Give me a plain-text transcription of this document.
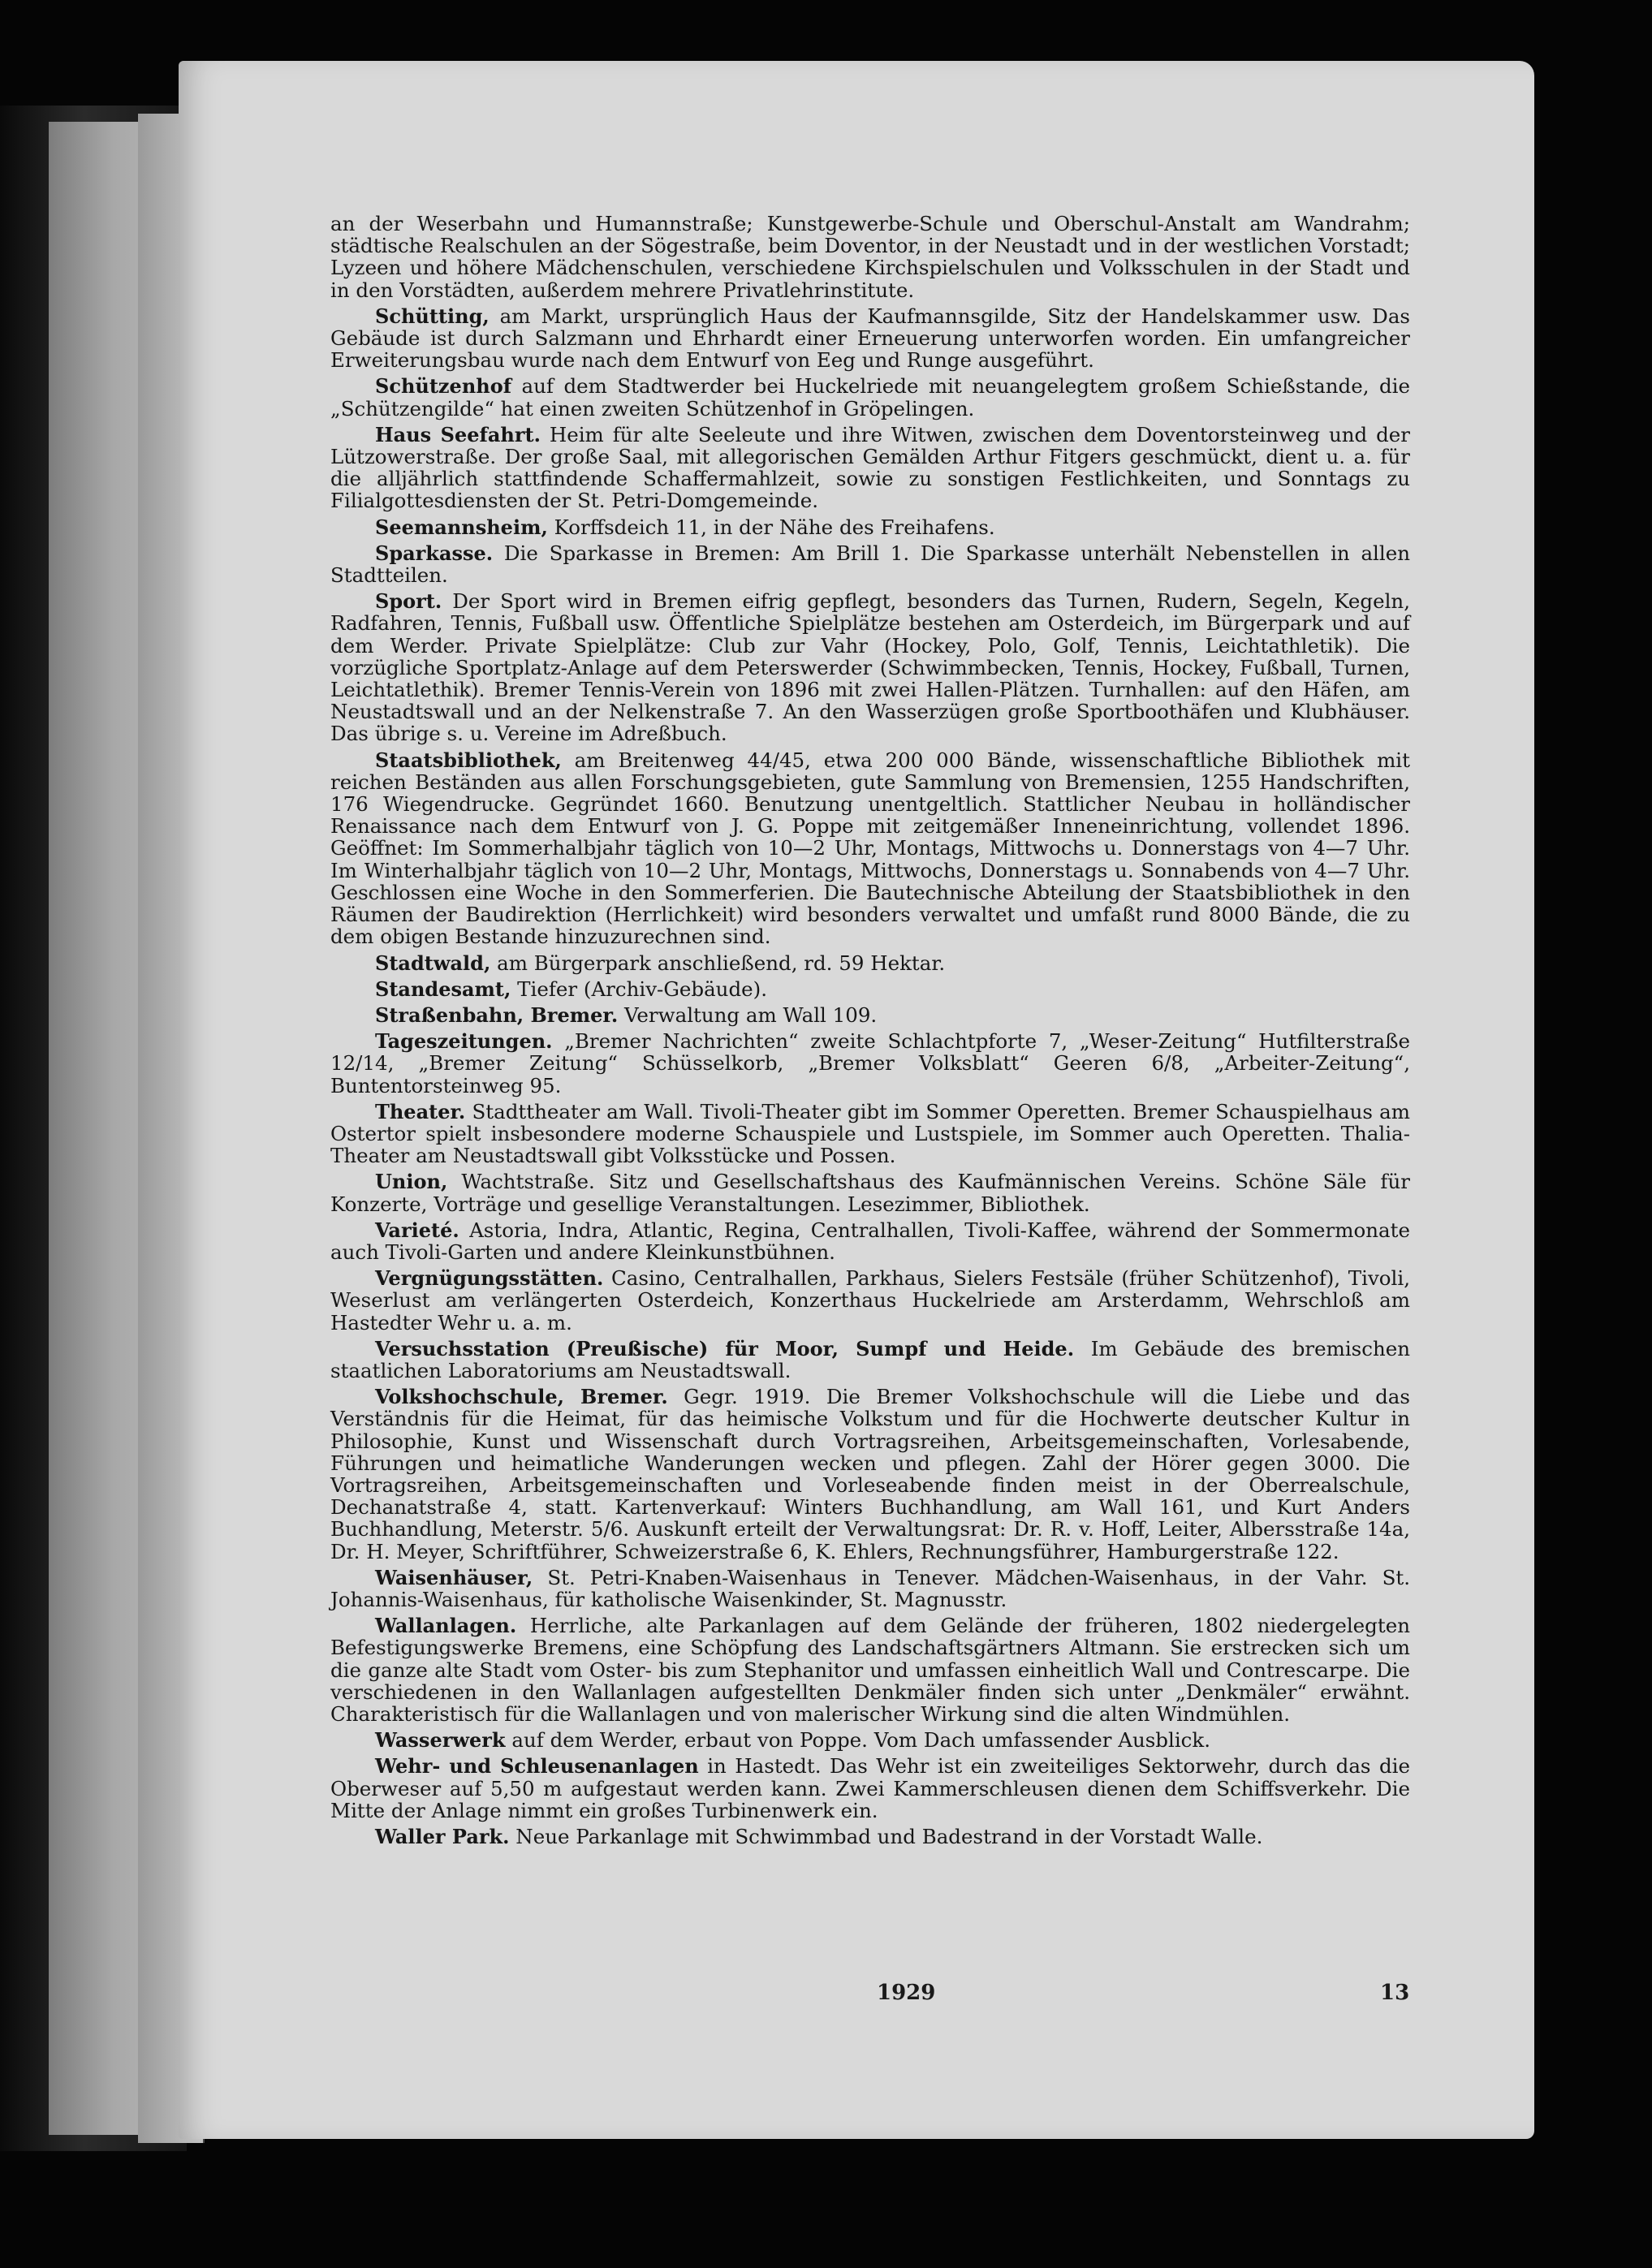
an der Weserbahn und Humannstraße; Kunstgewerbe-Schule und Oberschul-Anstalt am Wandrahm; städtische Realschulen an der Sögestraße, beim Doventor, in der Neustadt und in der westlichen Vorstadt; Lyzeen und höhere Mädchenschulen, verschiedene Kirchspielschulen und Volksschulen in der Stadt und in den Vorstädten, außerdem mehrere Privatlehrinstitute.

Schütting, am Markt, ursprünglich Haus der Kaufmannsgilde, Sitz der Handelskammer usw. Das Gebäude ist durch Salzmann und Ehrhardt einer Erneuerung unterworfen worden. Ein umfangreicher Erweiterungsbau wurde nach dem Entwurf von Eeg und Runge ausgeführt.

Schützenhof auf dem Stadtwerder bei Huckelriede mit neuangelegtem großem Schießstande, die „Schützengilde“ hat einen zweiten Schützenhof in Gröpelingen.

Haus Seefahrt. Heim für alte Seeleute und ihre Witwen, zwischen dem Doventorsteinweg und der Lützowerstraße. Der große Saal, mit allegorischen Gemälden Arthur Fitgers geschmückt, dient u. a. für die alljährlich stattfindende Schaffermahlzeit, sowie zu sonstigen Festlichkeiten, und Sonntags zu Filialgottesdiensten der St. Petri-Domgemeinde.

Seemannsheim, Korffsdeich 11, in der Nähe des Freihafens.

Sparkasse. Die Sparkasse in Bremen: Am Brill 1. Die Sparkasse unterhält Nebenstellen in allen Stadtteilen.

Sport. Der Sport wird in Bremen eifrig gepflegt, besonders das Turnen, Rudern, Segeln, Kegeln, Radfahren, Tennis, Fußball usw. Öffentliche Spielplätze bestehen am Osterdeich, im Bürgerpark und auf dem Werder. Private Spielplätze: Club zur Vahr (Hockey, Polo, Golf, Tennis, Leichtathletik). Die vorzügliche Sportplatz-Anlage auf dem Peterswerder (Schwimmbecken, Tennis, Hockey, Fußball, Turnen, Leichtatlethik). Bremer Tennis-Verein von 1896 mit zwei Hallen-Plätzen. Turnhallen: auf den Häfen, am Neustadtswall und an der Nelkenstraße 7. An den Wasserzügen große Sportboothäfen und Klubhäuser. Das übrige s. u. Vereine im Adreßbuch.

Staatsbibliothek, am Breitenweg 44/45, etwa 200 000 Bände, wissenschaftliche Bibliothek mit reichen Beständen aus allen Forschungsgebieten, gute Sammlung von Bremensien, 1255 Handschriften, 176 Wiegendrucke. Gegründet 1660. Benutzung unentgeltlich. Stattlicher Neubau in holländischer Renaissance nach dem Entwurf von J. G. Poppe mit zeitgemäßer Inneneinrichtung, vollendet 1896. Geöffnet: Im Sommerhalbjahr täglich von 10—2 Uhr, Montags, Mittwochs u. Donnerstags von 4—7 Uhr. Im Winterhalbjahr täglich von 10—2 Uhr, Montags, Mittwochs, Donnerstags u. Sonnabends von 4—7 Uhr. Geschlossen eine Woche in den Sommerferien. Die Bautechnische Abteilung der Staatsbibliothek in den Räumen der Baudirektion (Herrlichkeit) wird besonders verwaltet und umfaßt rund 8000 Bände, die zu dem obigen Bestande hinzuzurechnen sind.

Stadtwald, am Bürgerpark anschließend, rd. 59 Hektar.

Standesamt, Tiefer (Archiv-Gebäude).

Straßenbahn, Bremer. Verwaltung am Wall 109.

Tageszeitungen. „Bremer Nachrichten“ zweite Schlachtpforte 7, „Weser-Zeitung“ Hutfilterstraße 12/14, „Bremer Zeitung“ Schüsselkorb, „Bremer Volksblatt“ Geeren 6/8, „Arbeiter-Zeitung“, Buntentorsteinweg 95.

Theater. Stadttheater am Wall. Tivoli-Theater gibt im Sommer Operetten. Bremer Schauspielhaus am Ostertor spielt insbesondere moderne Schauspiele und Lustspiele, im Sommer auch Operetten. Thalia-Theater am Neustadtswall gibt Volksstücke und Possen.

Union, Wachtstraße. Sitz und Gesellschaftshaus des Kaufmännischen Vereins. Schöne Säle für Konzerte, Vorträge und gesellige Veranstaltungen. Lesezimmer, Bibliothek.

Varieté. Astoria, Indra, Atlantic, Regina, Centralhallen, Tivoli-Kaffee, während der Sommermonate auch Tivoli-Garten und andere Kleinkunstbühnen.

Vergnügungsstätten. Casino, Centralhallen, Parkhaus, Sielers Festsäle (früher Schützenhof), Tivoli, Weserlust am verlängerten Osterdeich, Konzerthaus Huckelriede am Arsterdamm, Wehrschloß am Hastedter Wehr u. a. m.

Versuchsstation (Preußische) für Moor, Sumpf und Heide. Im Gebäude des bremischen staatlichen Laboratoriums am Neustadtswall.

Volkshochschule, Bremer. Gegr. 1919. Die Bremer Volkshochschule will die Liebe und das Verständnis für die Heimat, für das heimische Volkstum und für die Hochwerte deutscher Kultur in Philosophie, Kunst und Wissenschaft durch Vortragsreihen, Arbeitsgemeinschaften, Vorlesabende, Führungen und heimatliche Wanderungen wecken und pflegen. Zahl der Hörer gegen 3000. Die Vortragsreihen, Arbeitsgemeinschaften und Vorleseabende finden meist in der Oberrealschule, Dechanatstraße 4, statt. Kartenverkauf: Winters Buchhandlung, am Wall 161, und Kurt Anders Buchhandlung, Meterstr. 5/6. Auskunft erteilt der Verwaltungsrat: Dr. R. v. Hoff, Leiter, Albersstraße 14a, Dr. H. Meyer, Schriftführer, Schweizerstraße 6, K. Ehlers, Rechnungsführer, Hamburgerstraße 122.

Waisenhäuser, St. Petri-Knaben-Waisenhaus in Tenever. Mädchen-Waisenhaus, in der Vahr. St. Johannis-Waisenhaus, für katholische Waisenkinder, St. Magnusstr.

Wallanlagen. Herrliche, alte Parkanlagen auf dem Gelände der früheren, 1802 niedergelegten Befestigungswerke Bremens, eine Schöpfung des Landschaftsgärtners Altmann. Sie erstrecken sich um die ganze alte Stadt vom Oster- bis zum Stephanitor und umfassen einheitlich Wall und Contrescarpe. Die verschiedenen in den Wallanlagen aufgestellten Denkmäler finden sich unter „Denkmäler“ erwähnt. Charakteristisch für die Wallanlagen und von malerischer Wirkung sind die alten Windmühlen.

Wasserwerk auf dem Werder, erbaut von Poppe. Vom Dach umfassender Ausblick.

Wehr- und Schleusenanlagen in Hastedt. Das Wehr ist ein zweiteiliges Sektorwehr, durch das die Oberweser auf 5,50 m aufgestaut werden kann. Zwei Kammerschleusen dienen dem Schiffsverkehr. Die Mitte der Anlage nimmt ein großes Turbinenwerk ein.

Waller Park. Neue Parkanlage mit Schwimmbad und Badestrand in der Vorstadt Walle.

1929	13
